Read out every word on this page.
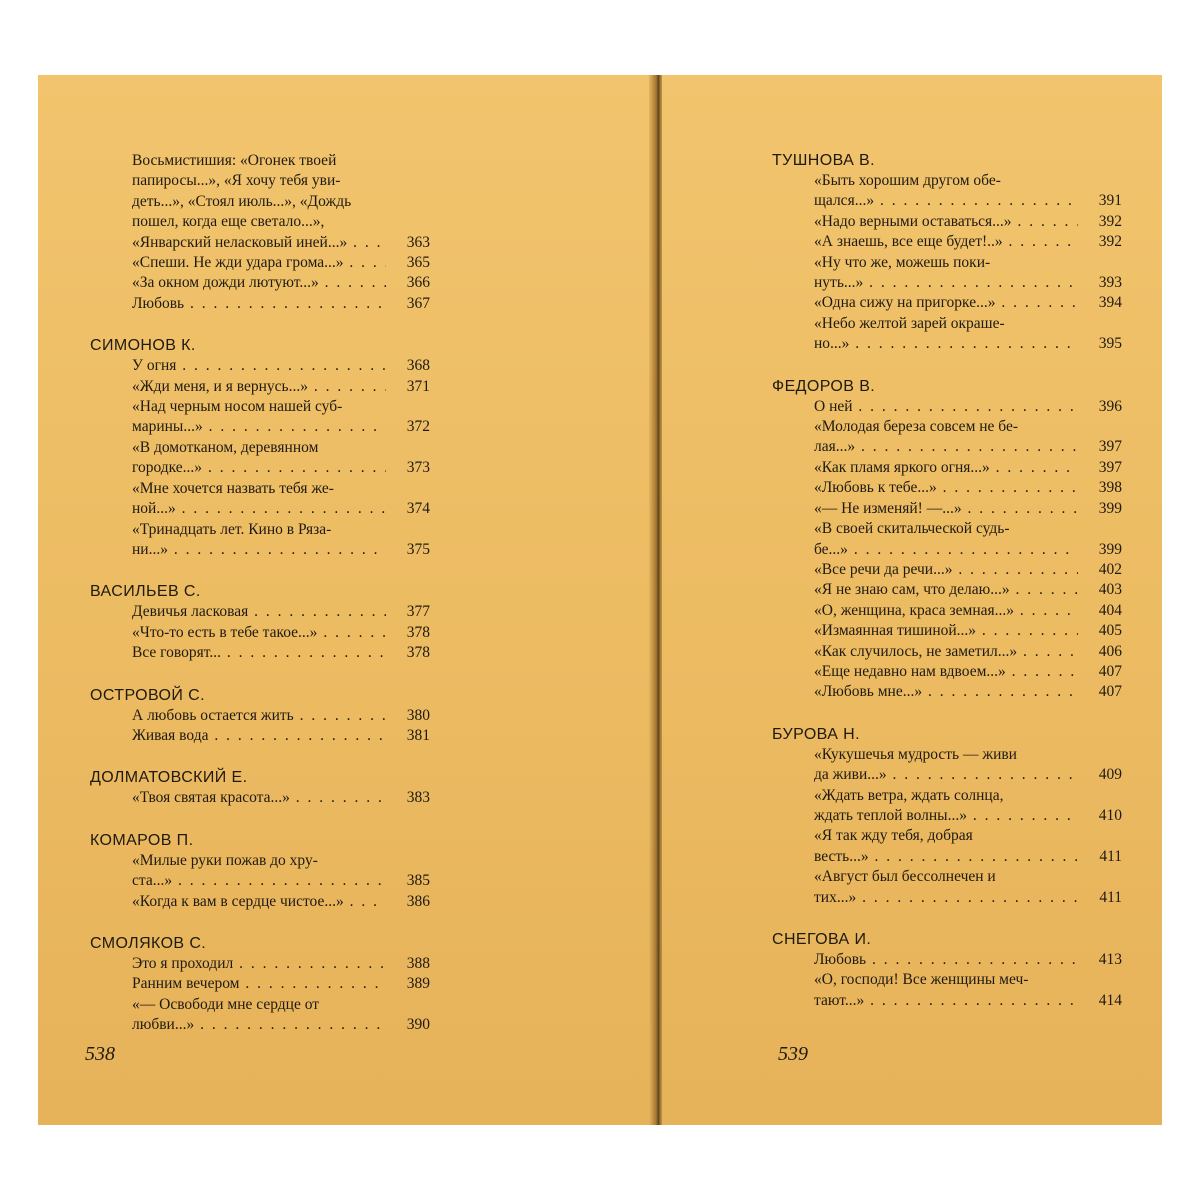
Восьмистишия: «Огонек твоей
папиросы...», «Я хочу тебя уви-
деть...», «Стоял июль...», «Дождь
пошел, когда еще светало...»,
«Январский неласковый иней...» . . .	363
«Спеши. Не жди удара грома...» . . .	365
«За окном дожди лютуют...» . . .	366
Любовь . . .	367
СИМОНОВ К.
У огня . . .	368
«Жди меня, и я вернусь...» . . .	371
«Над черным носом нашей суб-
марины...» . . .	372
«В домотканом, деревянном
городке...» . . .	373
«Мне хочется назвать тебя же-
ной...» . . .	374
«Тринадцать лет. Кино в Ряза-
ни...» . . .	375
ВАСИЛЬЕВ С.
Девичья ласковая . . .	377
«Что-то есть в тебе такое...» . . .	378
Все говорят... . . .	378
ОСТРОВОЙ С.
А любовь остается жить . . .	380
Живая вода . . .	381
ДОЛМАТОВСКИЙ Е.
«Твоя святая красота...» . . .	383
КОМАРОВ П.
«Милые руки пожав до хру-
ста...» . . .	385
«Когда к вам в сердце чистое...» . . .	386
СМОЛЯКОВ С.
Это я проходил . . .	388
Ранним вечером . . .	389
«— Освободи мне сердце от
любви...» . . .	390
538
ТУШНОВА В.
«Быть хорошим другом обе-
щался...» . . .	391
«Надо верными оставаться...» . . .	392
«А знаешь, все еще будет!..» . . .	392
«Ну что же, можешь поки-
нуть...» . . .	393
«Одна сижу на пригорке...» . . .	394
«Небо желтой зарей окраше-
но...» . . .	395
ФЕДОРОВ В.
О ней . . .	396
«Молодая береза совсем не бе-
лая...» . . .	397
«Как пламя яркого огня...» . . .	397
«Любовь к тебе...» . . .	398
«— Не изменяй! —...» . . .	399
«В своей скитальческой судь-
бе...» . . .	399
«Все речи да речи...» . . .	402
«Я не знаю сам, что делаю...» . . .	403
«О, женщина, краса земная...» . . .	404
«Измаянная тишиной...» . . .	405
«Как случилось, не заметил...» . . .	406
«Еще недавно нам вдвоем...» . . .	407
«Любовь мне...» . . .	407
БУРОВА Н.
«Кукушечья мудрость — живи
да живи...» . . .	409
«Ждать ветра, ждать солнца,
ждать теплой волны...» . . .	410
«Я так жду тебя, добрая
весть...» . . .	411
«Август был бессолнечен и
тих...» . . .	411
СНЕГОВА И.
Любовь . . .	413
«О, господи! Все женщины меч-
тают...» . . .	414
539
